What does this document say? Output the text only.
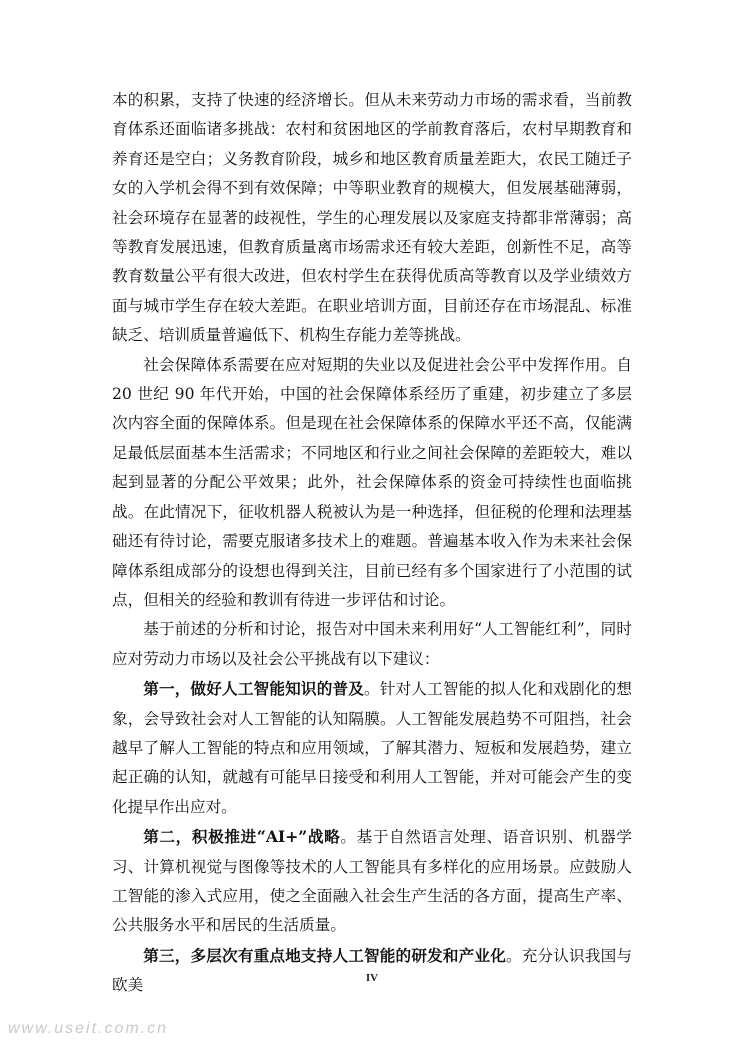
本的积累，支持了快速的经济增长。但从未来劳动力市场的需求看，当前教育体系还面临诸多挑战：农村和贫困地区的学前教育落后，农村早期教育和养育还是空白；义务教育阶段，城乡和地区教育质量差距大，农民工随迁子女的入学机会得不到有效保障；中等职业教育的规模大，但发展基础薄弱，社会环境存在显著的歧视性，学生的心理发展以及家庭支持都非常薄弱；高等教育发展迅速，但教育质量离市场需求还有较大差距，创新性不足，高等教育数量公平有很大改进，但农村学生在获得优质高等教育以及学业绩效方面与城市学生存在较大差距。在职业培训方面，目前还存在市场混乱、标准缺乏、培训质量普遍低下、机构生存能力差等挑战。

社会保障体系需要在应对短期的失业以及促进社会公平中发挥作用。自 20 世纪 90 年代开始，中国的社会保障体系经历了重建，初步建立了多层次内容全面的保障体系。但是现在社会保障体系的保障水平还不高，仅能满足最低层面基本生活需求；不同地区和行业之间社会保障的差距较大，难以起到显著的分配公平效果；此外，社会保障体系的资金可持续性也面临挑战。在此情况下，征收机器人税被认为是一种选择，但征税的伦理和法理基础还有待讨论，需要克服诸多技术上的难题。普遍基本收入作为未来社会保障体系组成部分的设想也得到关注，目前已经有多个国家进行了小范围的试点，但相关的经验和教训有待进一步评估和讨论。

基于前述的分析和讨论，报告对中国未来利用好“人工智能红利”，同时应对劳动力市场以及社会公平挑战有以下建议：

第一，做好人工智能知识的普及。针对人工智能的拟人化和戏剧化的想象，会导致社会对人工智能的认知隔膜。人工智能发展趋势不可阻挡，社会越早了解人工智能的特点和应用领域，了解其潜力、短板和发展趋势，建立起正确的认知，就越有可能早日接受和利用人工智能，并对可能会产生的变化提早作出应对。

第二，积极推进“AI+”战略。基于自然语言处理、语音识别、机器学习、计算机视觉与图像等技术的人工智能具有多样化的应用场景。应鼓励人工智能的渗入式应用，使之全面融入社会生产生活的各方面，提高生产率、公共服务水平和居民的生活质量。

第三，多层次有重点地支持人工智能的研发和产业化。充分认识我国与欧美	IV
www.useit.com.cn
